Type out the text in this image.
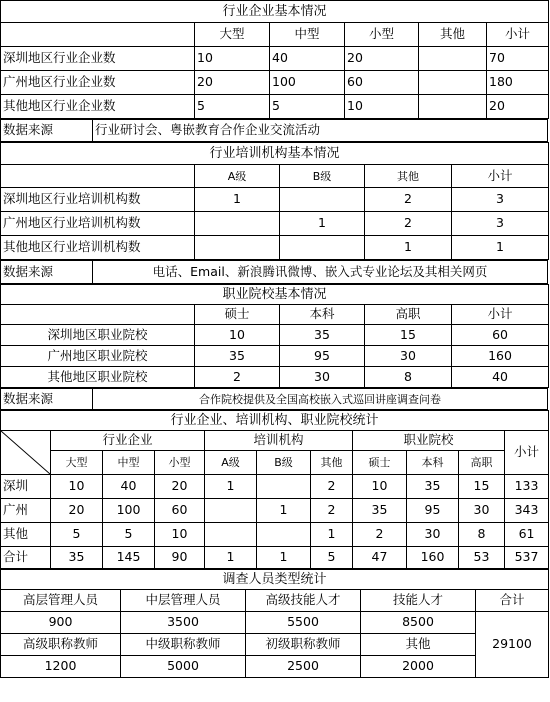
行业企业基本情况					
	大型	中型	小型	其他	小计
深圳地区行业企业数	10	40	20		70
广州地区行业企业数	20	100	60		180
其他地区行业企业数	5	5	10		20
数据来源	行业研讨会、粤嵌教育合作企业交流活动
行业培训机构基本情况				
	A级	B级	其他	小计
深圳地区行业培训机构数	1		2	3
广州地区行业培训机构数		1	2	3
其他地区行业培训机构数			1	1
数据来源	电话、Email、新浪腾讯微博、嵌入式专业论坛及其相关网页
职业院校基本情况				
	硕士	本科	高职	小计
深圳地区职业院校	10	35	15	60
广州地区职业院校	35	95	30	160
其他地区职业院校	2	30	8	40
数据来源	合作院校提供及全国高校嵌入式巡回讲座调查问卷
行业企业、培训机构、职业院校统计										

	行业企业			培训机构			职业院校			小计
	大型	中型	小型	A级	B级	其他	硕士	本科	高职	
深圳	10	40	20	1		2	10	35	15	133
广州	20	100	60		1	2	35	95	30	343
其他	5	5	10			1	2	30	8	61
合计	35	145	90	1	1	5	47	160	53	537
调查人员类型统计				
高层管理人员	中层管理人员	高级技能人才	技能人才	合计
900	3500	5500	8500	29100
高级职称教师	中级职称教师	初级职称教师	其他	
1200	5000	2500	2000	
